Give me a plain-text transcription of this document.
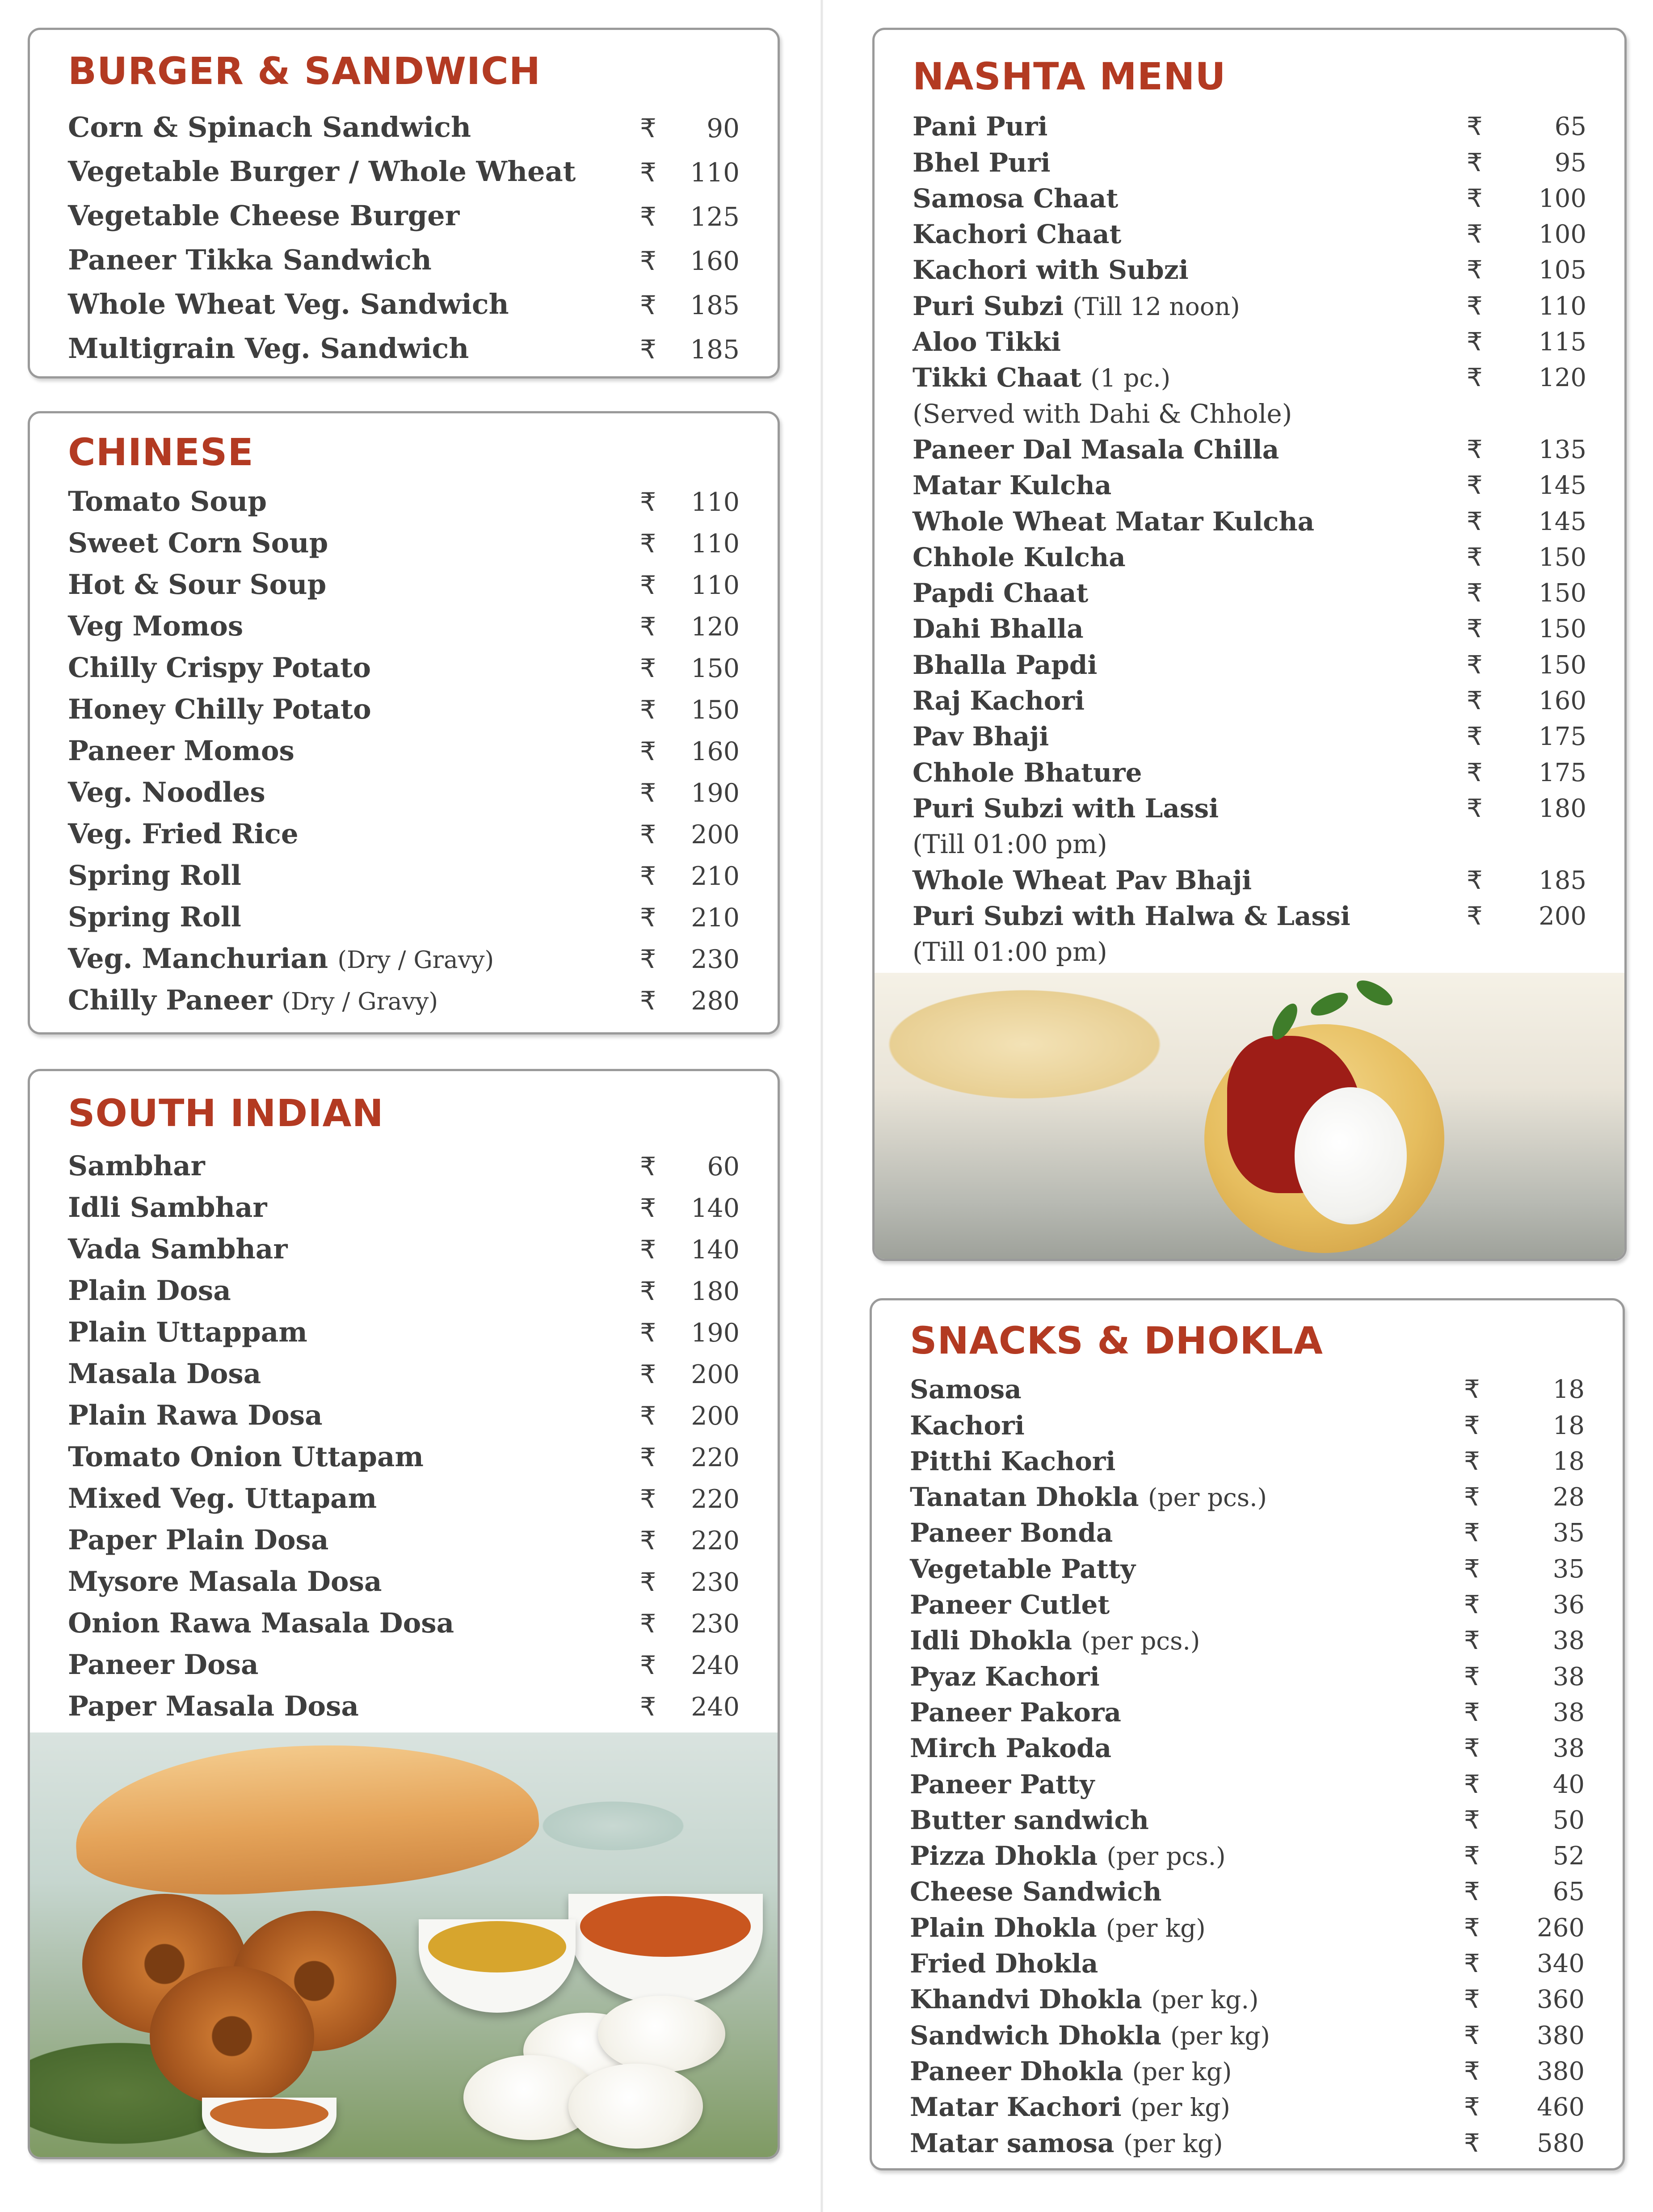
BURGER & SANDWICH
Corn & Spinach Sandwich	₹	90
Vegetable Burger / Whole Wheat ₹	110
Vegetable Cheese Burger	₹	125
Paneer Tikka Sandwich	₹	160
Whole Wheat Veg. Sandwich	₹	185
Multigrain Veg. Sandwich	₹	185
CHINESE
Tomato Soup	₹	110
Sweet Corn Soup	₹	110
Hot & Sour Soup	₹	110
Veg Momos	₹	120
Chilly Crispy Potato	₹	150
Honey Chilly Potato	₹	150
Paneer Momos	₹	160
Veg. Noodles	₹	190
Veg. Fried Rice	₹	200
Spring Roll	₹	210
Spring Roll	₹	210
Veg. Manchurian (Dry / Gravy)	₹	230
Chilly Paneer (Dry / Gravy)	₹	280
SOUTH INDIAN
Sambhar	₹	60
Idli Sambhar	₹	140
Vada Sambhar	₹	140
Plain Dosa	₹	180
Plain Uttappam	₹	190
Masala Dosa	₹	200
Plain Rawa Dosa	₹	200
Tomato Onion Uttapam	₹	220
Mixed Veg. Uttapam	₹	220
Paper Plain Dosa	₹	220
Mysore Masala Dosa	₹	230
Onion Rawa Masala Dosa	₹	230
Paneer Dosa	₹	240
Paper Masala Dosa	₹	240
NASHTA MENU
Pani Puri	₹	65
Bhel Puri	₹	95
Samosa Chaat	₹	100
Kachori Chaat	₹	100
Kachori with Subzi	₹	105
Puri Subzi (Till 12 noon)	₹	110
Aloo Tikki	₹	115
Tikki Chaat (1 pc.)	₹	120
(Served with Dahi & Chhole)
Paneer Dal Masala Chilla	₹	135
Matar Kulcha	₹	145
Whole Wheat Matar Kulcha	₹	145
Chhole Kulcha	₹	150
Papdi Chaat	₹	150
Dahi Bhalla	₹	150
Bhalla Papdi	₹	150
Raj Kachori	₹	160
Pav Bhaji	₹	175
Chhole Bhature	₹	175
Puri Subzi with Lassi	₹	180
(Till 01:00 pm)
Whole Wheat Pav Bhaji	₹	185
Puri Subzi with Halwa & Lassi	₹	200
(Till 01:00 pm)
SNACKS & DHOKLA
Samosa	₹	18
Kachori	₹	18
Pitthi Kachori	₹	18
Tanatan Dhokla (per pcs.)	₹	28
Paneer Bonda	₹	35
Vegetable Patty	₹	35
Paneer Cutlet	₹	36
Idli Dhokla (per pcs.)	₹	38
Pyaz Kachori	₹	38
Paneer Pakora	₹	38
Mirch Pakoda	₹	38
Paneer Patty	₹	40
Butter sandwich	₹	50
Pizza Dhokla (per pcs.)	₹	52
Cheese Sandwich	₹	65
Plain Dhokla (per kg)	₹	260
Fried Dhokla	₹	340
Khandvi Dhokla (per kg.)	₹	360
Sandwich Dhokla (per kg)	₹	380
Paneer Dhokla (per kg)	₹	380
Matar Kachori (per kg)	₹	460
Matar samosa (per kg)	₹	580
